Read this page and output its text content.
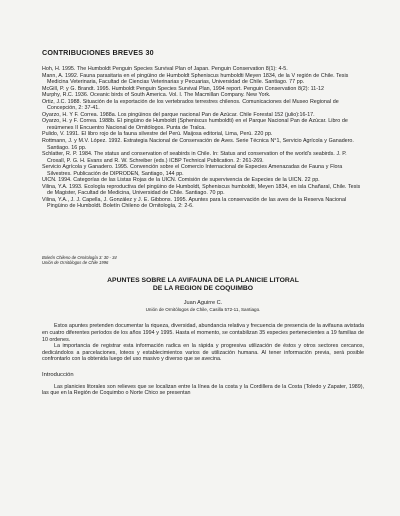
CONTRIBUCIONES BREVES 30
Hoh, H. 1995. The Humboldt Penguin Species Survival Plan of Japan. Penguin Conservation 8(1): 4-5.
Mann, A. 1992. Fauna parasitaria en el pingüino de Humboldt Spheniscus humboldti Meyen 1834, de la V región de Chile. Tesis Medicina Veterinaria, Facultad de Ciencias Veterinarias y Pecuarias, Universidad de Chile. Santiago. 77 pp.
McGill, P. y G. Brandt. 1995. Humboldt Penguin Species Survival Plan, 1994 report. Penguin Conservation 8(2): 11-12
Murphy, R.C. 1936. Oceanic birds of South America. Vol. I. The Macmillan Company. New York.
Ortiz, J.C. 1988. Situación de la exportación de los vertebrados terrestres chilenos. Comunicaciones del Museo Regional de Concepción, 2: 37-41.
Oyarzo, H. Y F. Correa. 1988a. Los pingüinos del parque nacional Pan de Azúcar. Chile Forestal 152 (julio):16-17.
Oyarzo, H. y F. Correa. 1988b. El pingüino de Humboldt (Spheniscus humboldti) en el Parque Nacional Pan de Azúcar. Libro de resúmenes II Encuentro Nacional de Ornitólogos. Punta de Tralca.
Pulido, V. 1991. El libro rojo de la fauna silvestre del Perú. Maijosa editorial, Lima, Perú. 220 pp.
Rottmann, J. y M.V. López. 1992. Estrategia Nacional de Conservación de Aves. Serie Técnica N°1, Servicio Agrícola y Ganadero. Santiago. 16 pp.
Schlatter, R. P. 1984. The status and conservation of seabirds in Chile. In: Status and conservation of the world's seabirds. J. P. Croxall, P. G. H. Evans and R. W. Schreiber (eds.) ICBP Technical Publication. 2: 261-269.
Servicio Agrícola y Ganadero. 1995. Convención sobre el Comercio Internacional de Especies Amenazadas de Fauna y Flora Silvestres. Publicación de DIPRODEN, Santiago, 144 pp.
UICN. 1994. Categorías de las Listas Rojas de la UICN. Comisión de supervivencia de Especies de la UICN. 22 pp.
Vilina, Y.A. 1993. Ecología reproductiva del pingüino de Humboldt, Spheniscus humboldti, Meyen 1834, en isla Chañaral, Chile. Tesis de Magister, Facultad de Medicina, Universidad de Chile. Santiago. 70 pp.
Vilina, Y.A., J. J. Capella, J. González y J. E. Gibbons. 1995. Apuntes para la conservación de las aves de la Reserva Nacional Pingüino de Humboldt. Boletín Chileno de Ornitología, 2: 2-6.
Boletín Chileno de Ornitología 3: 30 - 34
Unión de Ornitólogos de Chile 1996
APUNTES SOBRE LA AVIFAUNA DE LA PLANICIE LITORAL
DE LA REGION DE COQUIMBO
Juan Aguirre C.
Unión de Ornitólogos de Chile, Casilla 572-11, Santiago.

Estos apuntes pretenden documentar la riqueza, diversidad, abundancia relativa y frecuencia de presencia de la avifauna avistada en cuatro diferentes períodos de los años 1994 y 1995. Hasta el momento, se contabilizan 35 especies pertenecientes a 19 familias de 10 ordenes.

La importancia de registrar esta información radica en la rápida y progresiva utilización de éstos y otros sectores cercanos, dedicándolos a parcelaciones, loteos y establecimientos varios de utilización humana. Al tener información previa, será posible confrontarlo con la obtenida luego del uso masivo y diverso que se avecina.

Introducción

Las planicies litorales son relieves que se localizan entre la línea de la costa y la Cordillera de la Costa (Toledo y Zapater, 1989), las que en la Región de Coquimbo o Norte Chico se presentan
